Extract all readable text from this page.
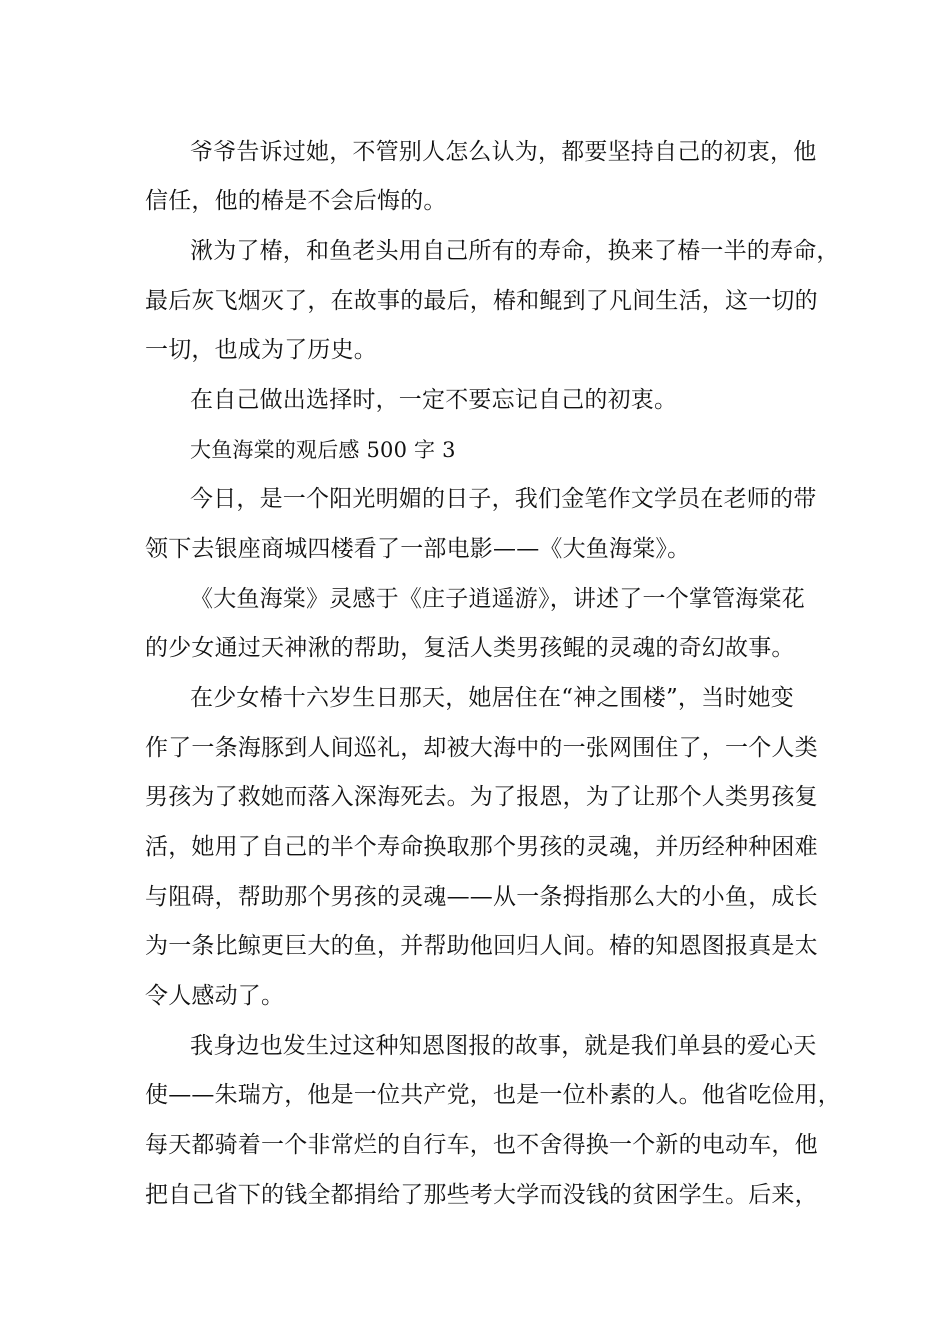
爷爷告诉过她，不管别人怎么认为，都要坚持自己的初衷，他
信任，他的椿是不会后悔的。
湫为了椿，和鱼老头用自己所有的寿命，换来了椿一半的寿命，
最后灰飞烟灭了，在故事的最后，椿和鲲到了凡间生活，这一切的
一切，也成为了历史。
在自己做出选择时，一定不要忘记自己的初衷。
大鱼海棠的观后感 500 字 3
今日，是一个阳光明媚的日子，我们金笔作文学员在老师的带
领下去银座商城四楼看了一部电影——《大鱼海棠》。
《大鱼海棠》灵感于《庄子逍遥游》，讲述了一个掌管海棠花
的少女通过天神湫的帮助，复活人类男孩鲲的灵魂的奇幻故事。
在少女椿十六岁生日那天，她居住在“神之围楼”，当时她变
作了一条海豚到人间巡礼，却被大海中的一张网围住了，一个人类
男孩为了救她而落入深海死去。为了报恩，为了让那个人类男孩复
活，她用了自己的半个寿命换取那个男孩的灵魂，并历经种种困难
与阻碍，帮助那个男孩的灵魂——从一条拇指那么大的小鱼，成长
为一条比鲸更巨大的鱼，并帮助他回归人间。椿的知恩图报真是太
令人感动了。
我身边也发生过这种知恩图报的故事，就是我们单县的爱心天
使——朱瑞方，他是一位共产党，也是一位朴素的人。他省吃俭用，
每天都骑着一个非常烂的自行车，也不舍得换一个新的电动车，他
把自己省下的钱全都捐给了那些考大学而没钱的贫困学生。后来，
